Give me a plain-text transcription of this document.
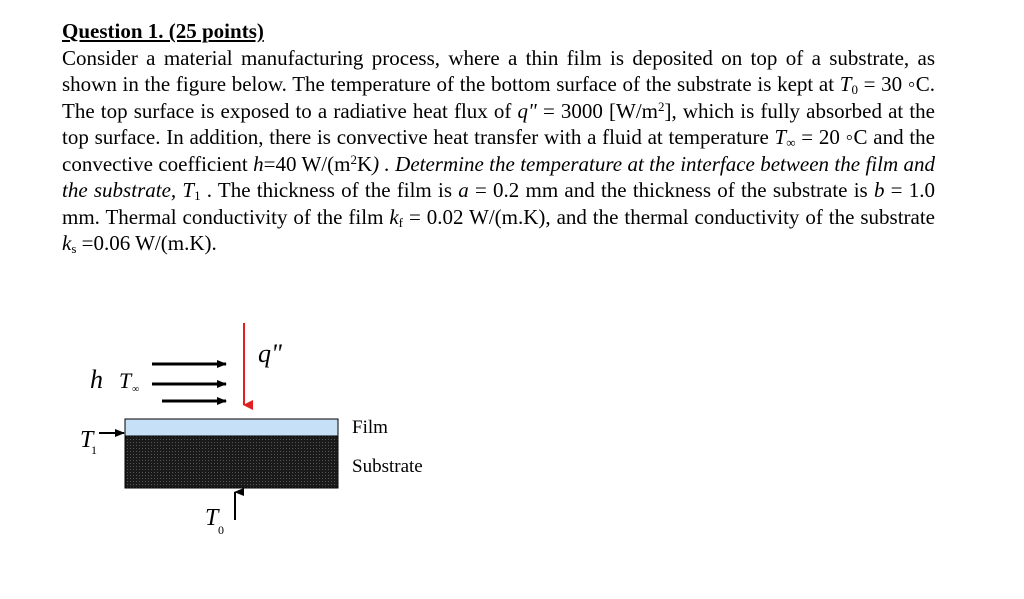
Question 1. (25 points)

Consider a material manufacturing process, where a thin film is deposited on top of a substrate, as shown in the figure below. The temperature of the bottom surface of the substrate is kept at $T_0 = 30$ ◦C. The top surface is exposed to a radiative heat flux of q" = 3000 $[W/m^2]$, which is fully absorbed at the top surface. In addition, there is convective heat transfer with a fluid at temperature $T_\infty = 20$ ◦C and the convective coefficient h=40 $W/(m^2K)$ . Determine the temperature at the interface between the film and the substrate, $T_1$ . The thickness of the film is a = 0.2 mm and the thickness of the substrate is b = 1.0 mm. Thermal conductivity of the film $k_f = 0.02$ W/(m.K), and the thermal conductivity of the substrate $k_s =0.06$ W/(m.K).

h T ∞
q"
Film
Substrate
T
1
T 0
